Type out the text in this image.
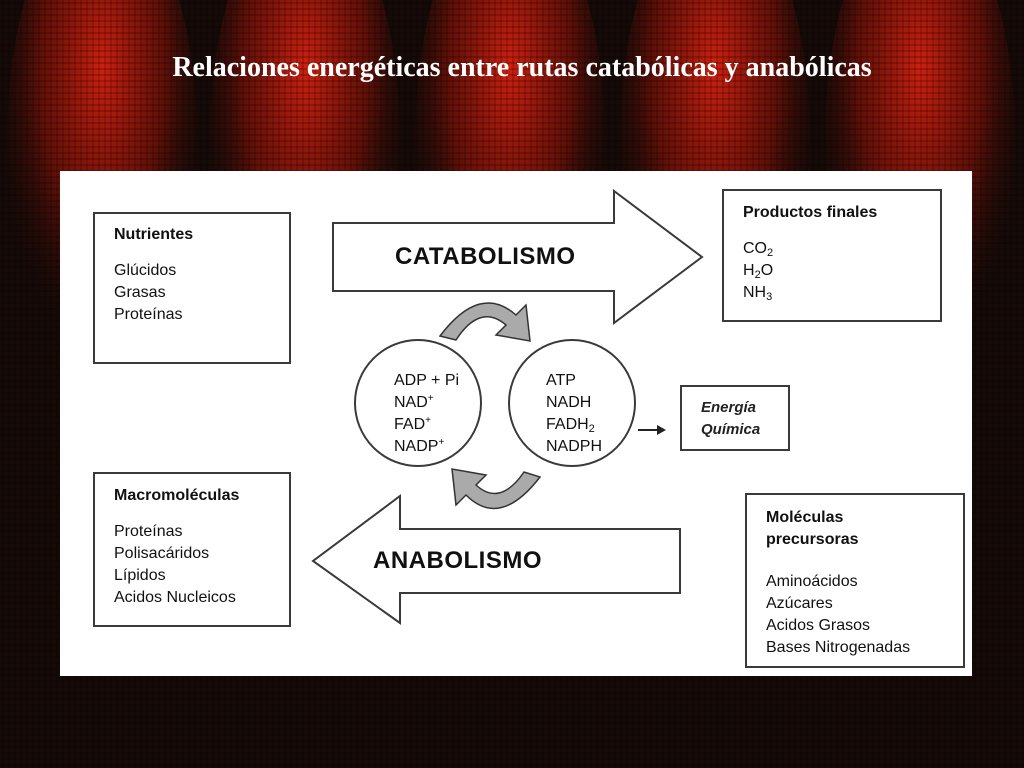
Relaciones energéticas entre rutas catabólicas y anabólicas
Nutrientes
Glúcidos
Grasas
Proteínas
Productos finales
$CO_2$
$H_2O$
$NH_3$
Macromoléculas
Proteínas
Polisacáridos
Lípidos
Acidos Nucleicos
Moléculas
precursoras
Aminoácidos
Azúcares
Acidos Grasos
Bases Nitrogenadas
Energía
Química
CATABOLISMO
ANABOLISMO
ADP + Pi
NAD+
FAD+
NADP+
ATP
NADH
$FADH_2$
NADPH
